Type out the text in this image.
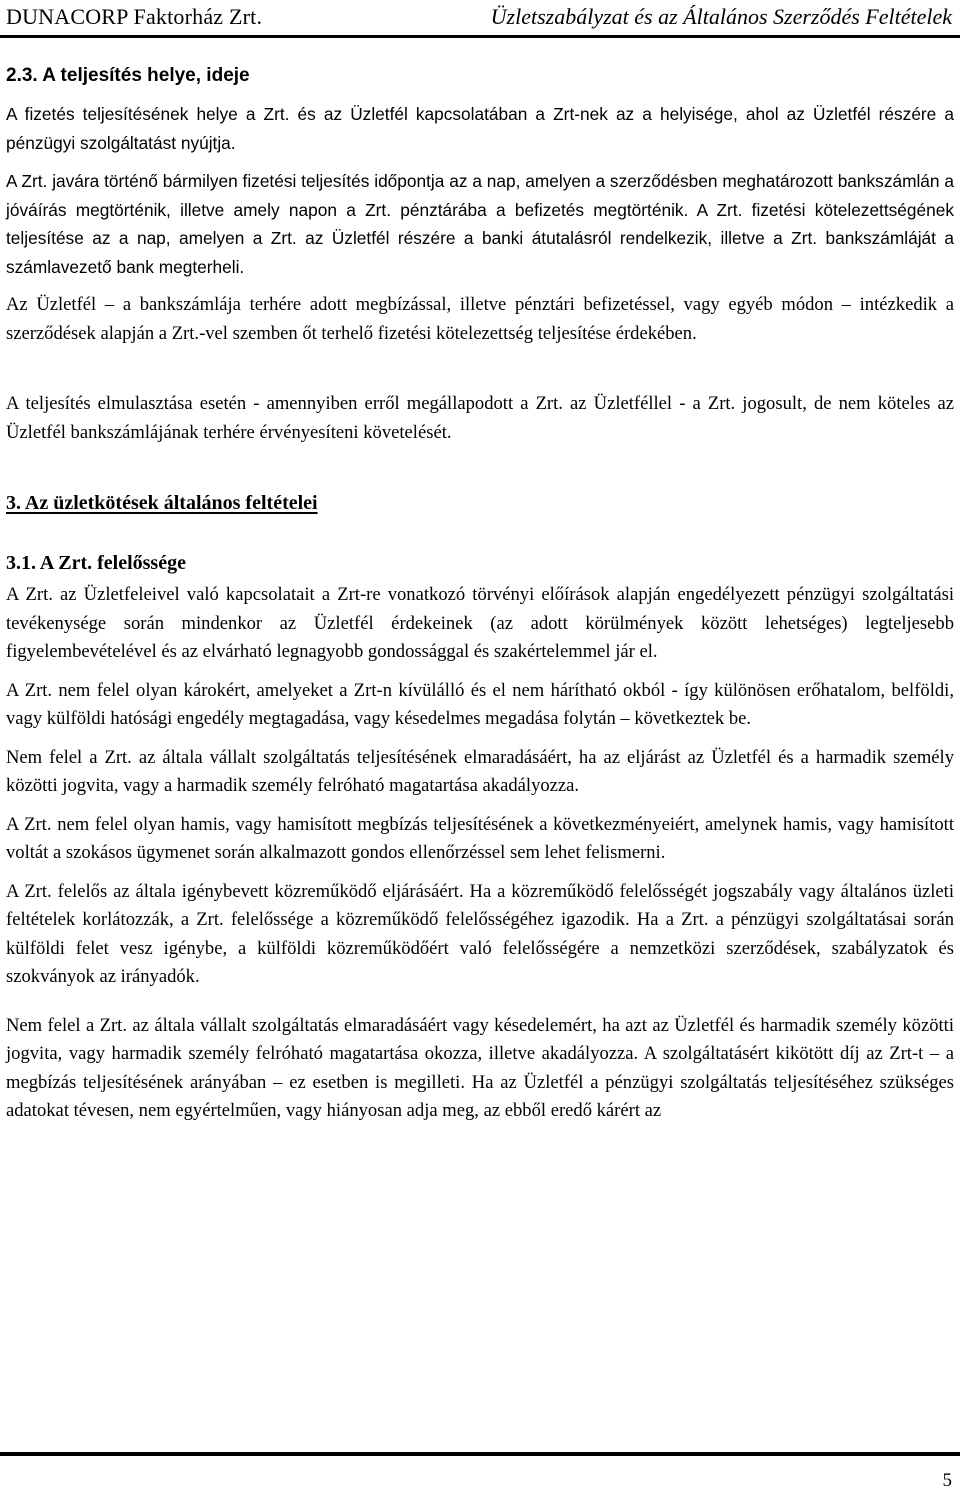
DUNACORP Faktorház Zrt.	Üzletszabályzat és az Általános Szerződés Feltételek
2.3. A teljesítés helye, ideje

A fizetés teljesítésének helye a Zrt. és az Üzletfél kapcsolatában a Zrt-nek az a helyisége, ahol az Üzletfél részére a pénzügyi szolgáltatást nyújtja.

A Zrt. javára történő bármilyen fizetési teljesítés időpontja az a nap, amelyen a szerződésben meghatározott bankszámlán a jóváírás megtörténik, illetve amely napon a Zrt. pénztárába a befizetés megtörténik. A Zrt. fizetési kötelezettségének teljesítése az a nap, amelyen a Zrt. az Üzletfél részére a banki átutalásról rendelkezik, illetve a Zrt. bankszámláját a számlavezető bank megterheli.

Az Üzletfél – a bankszámlája terhére adott megbízással, illetve pénztári befizetéssel, vagy egyéb módon – intézkedik a szerződések alapján a Zrt.-vel szemben őt terhelő fizetési kötelezettség teljesítése érdekében.

A teljesítés elmulasztása esetén - amennyiben erről megállapodott a Zrt. az Üzletféllel - a Zrt. jogosult, de nem köteles az Üzletfél bankszámlájának terhére érvényesíteni követelését.

3. Az üzletkötések általános feltételei
3.1. A Zrt. felelőssége

A Zrt. az Üzletfeleivel való kapcsolatait a Zrt-re vonatkozó törvényi előírások alapján engedélyezett pénzügyi szolgáltatási tevékenysége során mindenkor az Üzletfél érdekeinek (az adott körülmények között lehetséges) legteljesebb figyelembevételével és az elvárható legnagyobb gondossággal és szakértelemmel jár el.

A Zrt. nem felel olyan károkért, amelyeket a Zrt-n kívülálló és el nem hárítható okból - így különösen erőhatalom, belföldi, vagy külföldi hatósági engedély megtagadása, vagy késedelmes megadása folytán – következtek be.

Nem felel a Zrt. az általa vállalt szolgáltatás teljesítésének elmaradásáért, ha az eljárást az Üzletfél és a harmadik személy közötti jogvita, vagy a harmadik személy felróható magatartása akadályozza.

A Zrt. nem felel olyan hamis, vagy hamisított megbízás teljesítésének a következményeiért, amelynek hamis, vagy hamisított voltát a szokásos ügymenet során alkalmazott gondos ellenőrzéssel sem lehet felismerni.

A Zrt. felelős az általa igénybevett közreműködő eljárásáért. Ha a közreműködő felelősségét jogszabály vagy általános üzleti feltételek korlátozzák, a Zrt. felelőssége a közreműködő felelősségéhez igazodik. Ha a Zrt. a pénzügyi szolgáltatásai során külföldi felet vesz igénybe, a külföldi közreműködőért való felelősségére a nemzetközi szerződések, szabályzatok és szokványok az irányadók.

Nem felel a Zrt. az általa vállalt szolgáltatás elmaradásáért vagy késedelemért, ha azt az Üzletfél és harmadik személy közötti jogvita, vagy harmadik személy felróható magatartása okozza, illetve akadályozza. A szolgáltatásért kikötött díj az Zrt-t – a megbízás teljesítésének arányában – ez esetben is megilleti. Ha az Üzletfél a pénzügyi szolgáltatás teljesítéséhez szükséges adatokat tévesen, nem egyértelműen, vagy hiányosan adja meg, az ebből eredő kárért az

5
